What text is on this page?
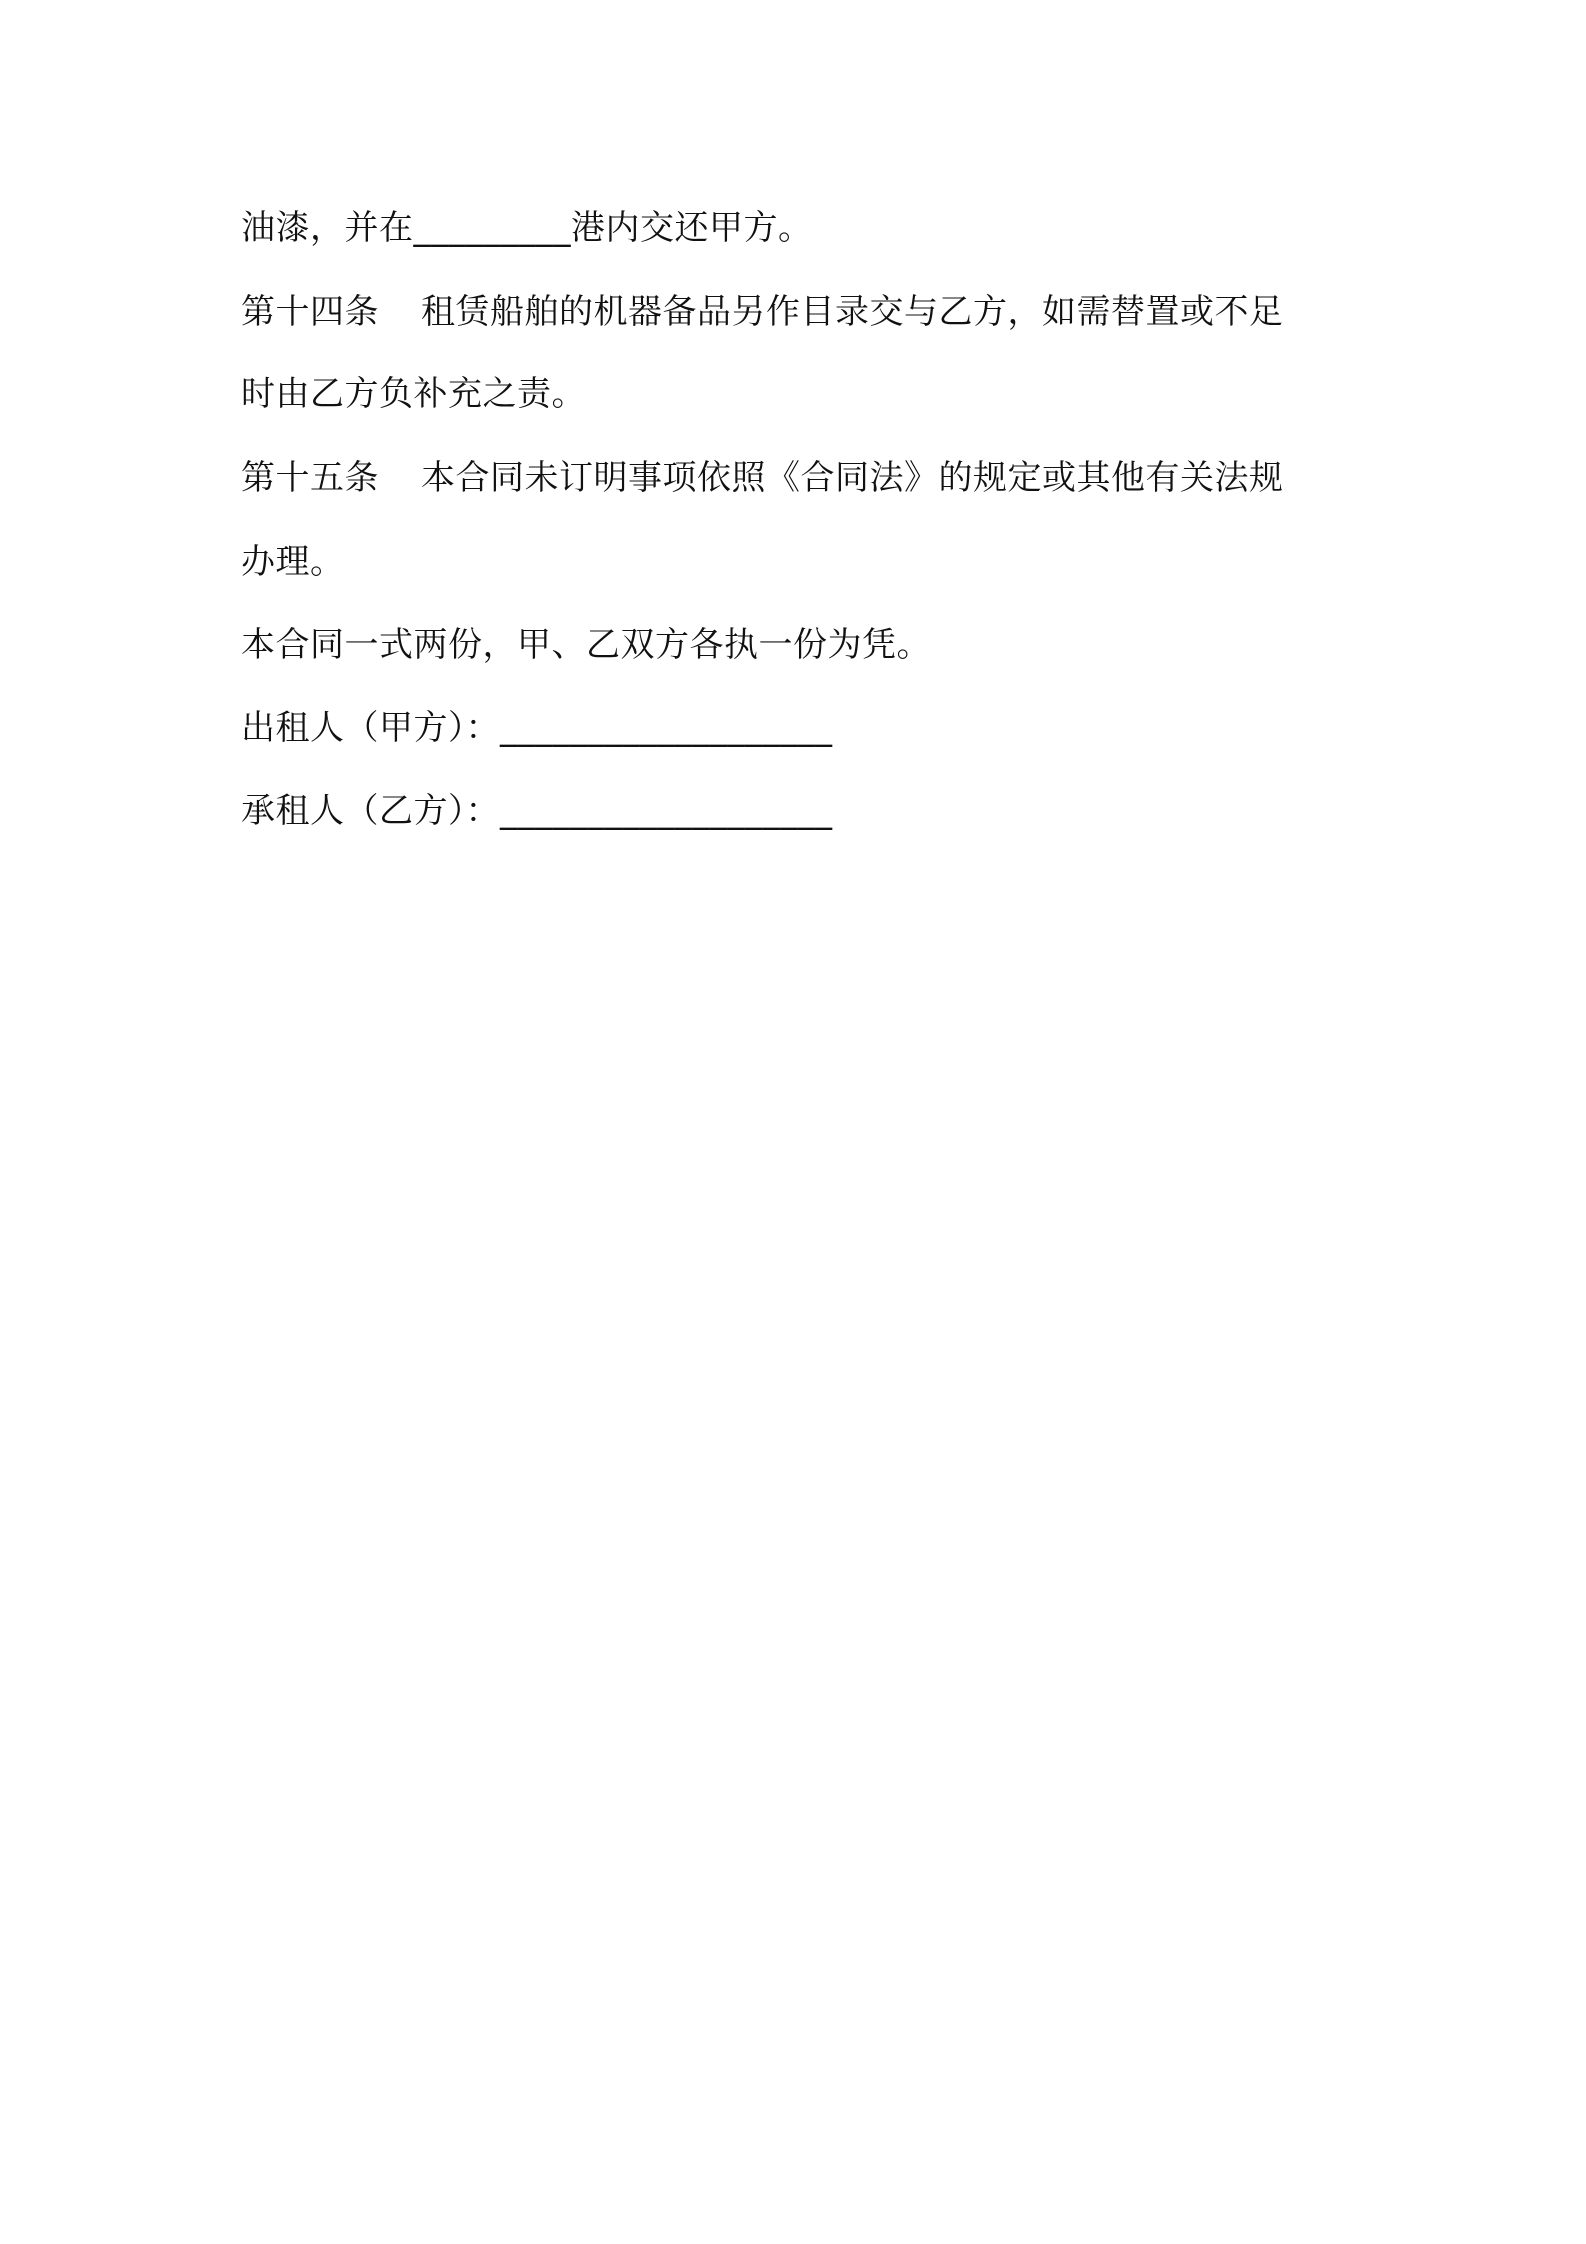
油漆，并在_________港内交还甲方。
第十四条 租赁船舶的机器备品另作目录交与乙方，如需替置或不足
时由乙方负补充之责。
第十五条 本合同未订明事项依照《合同法》的规定或其他有关法规
办理。
本合同一式两份，甲、乙双方各执一份为凭。
出租人（甲方）：___________________
承租人（乙方）：___________________
